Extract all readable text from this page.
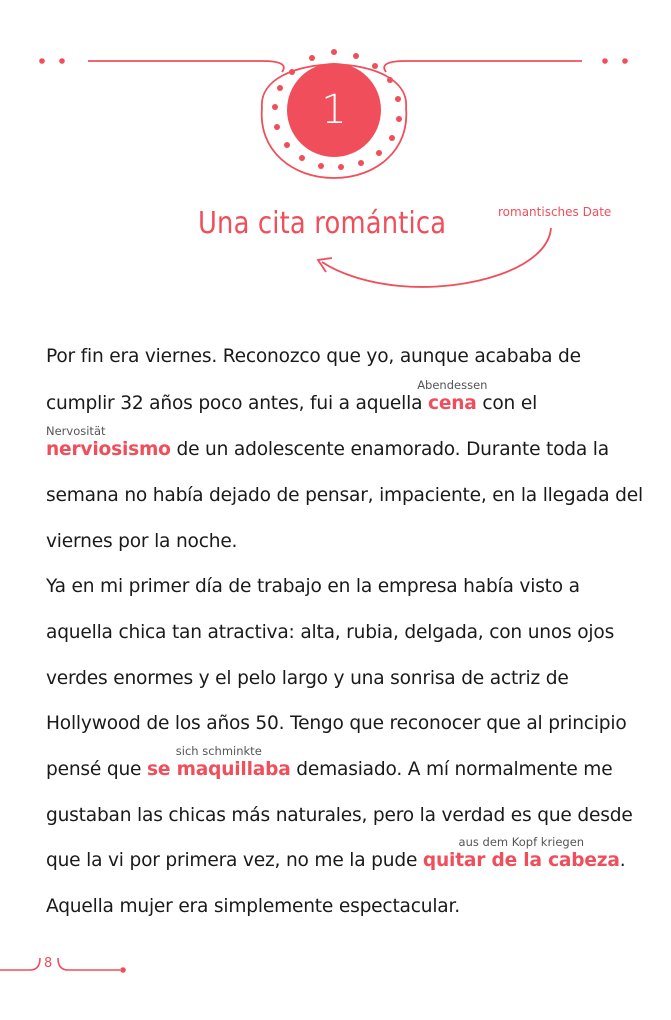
1
Una cita romántica	romantisches Date
Por fin era viernes. Reconozco que yo, aunque acababa de
cumplir 32 años poco antes, fui a aquella
Abendessen
cena con el
Nervosität
nerviosismo de un adolescente enamorado. Durante toda la
semana no había dejado de pensar, impaciente, en la llegada del
viernes por la noche.
Ya en mi primer día de trabajo en la empresa había visto a
aquella chica tan atractiva: alta, rubia, delgada, con unos ojos
verdes enormes y el pelo largo y una sonrisa de actriz de
Hollywood de los años 50. Tengo que reconocer que al principio
pensé que
sich schminkte
se maquillaba demasiado. A mí normalmente me
gustaban las chicas más naturales, pero la verdad es que desde
que la vi por primera vez, no me la pude
aus dem Kopf kriegen
quitar de la cabeza.
Aquella mujer era simplemente espectacular.
8
